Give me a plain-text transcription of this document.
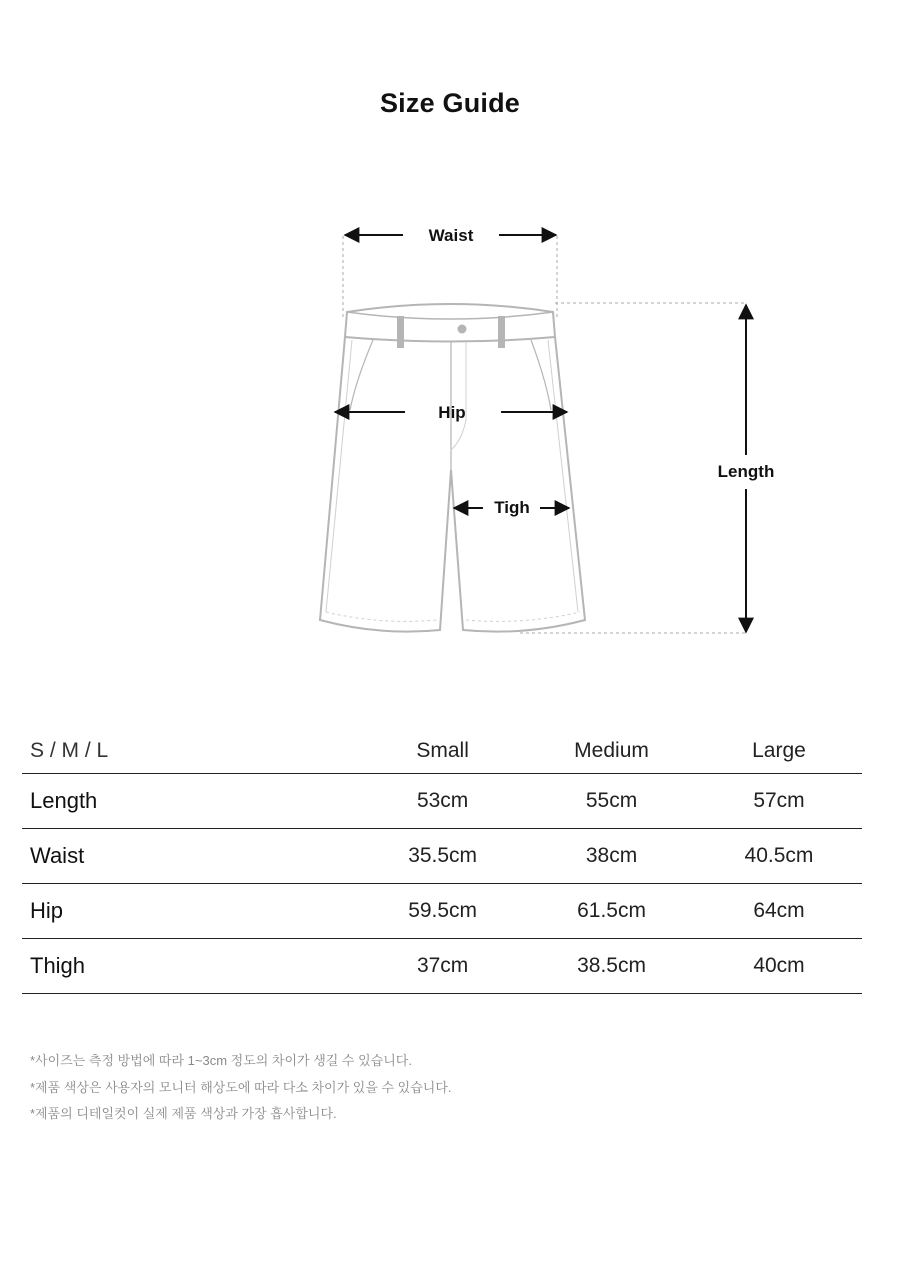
Size Guide
Waist
Hip
Tigh
Length
S / M / L	Small	Medium	Large
Length	53cm	55cm	57cm
Waist	35.5cm	38cm	40.5cm
Hip	59.5cm	61.5cm	64cm
Thigh	37cm	38.5cm	40cm
*사이즈는 측정 방법에 따라 1~3cm 정도의 차이가 생길 수 있습니다.
*제품 색상은 사용자의 모니터 해상도에 따라 다소 차이가 있을 수 있습니다.
*제품의 디테일컷이 실제 제품 색상과 가장 흡사합니다.
